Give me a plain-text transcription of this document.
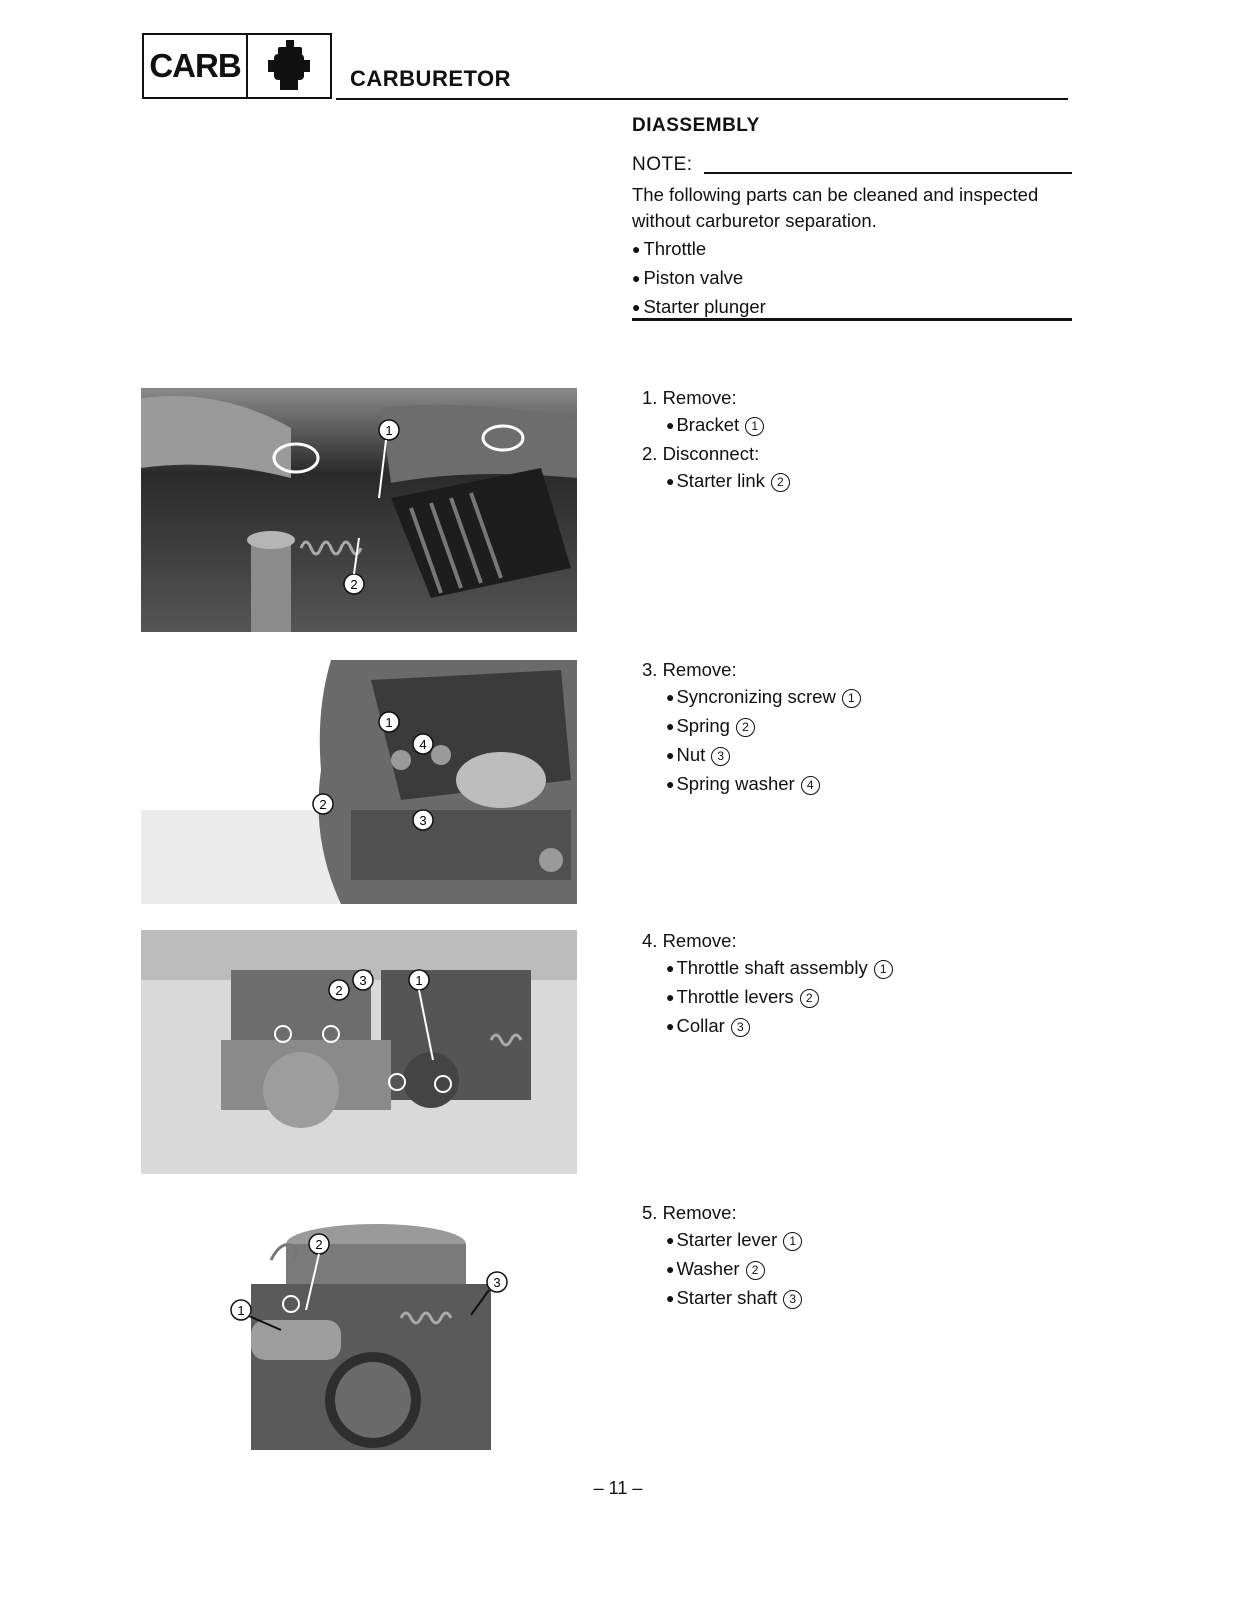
CARB	CARBURETOR
DIASSEMBLY
NOTE:
The following parts can be cleaned and inspected without carburetor separation.
● Throttle
● Piston valve
● Starter plunger
1. Remove:
● Bracket 1
2. Disconnect:
● Starter link 2
3. Remove:
● Syncronizing screw 1
● Spring 2
● Nut 3
● Spring washer 4
4. Remove:
● Throttle shaft assembly 1
● Throttle levers 2
● Collar 3
5. Remove:
● Starter lever 1
● Washer 2
● Starter shaft 3
1
2
1
2
3
4
2
3	1
2
3
1
– 11 –
